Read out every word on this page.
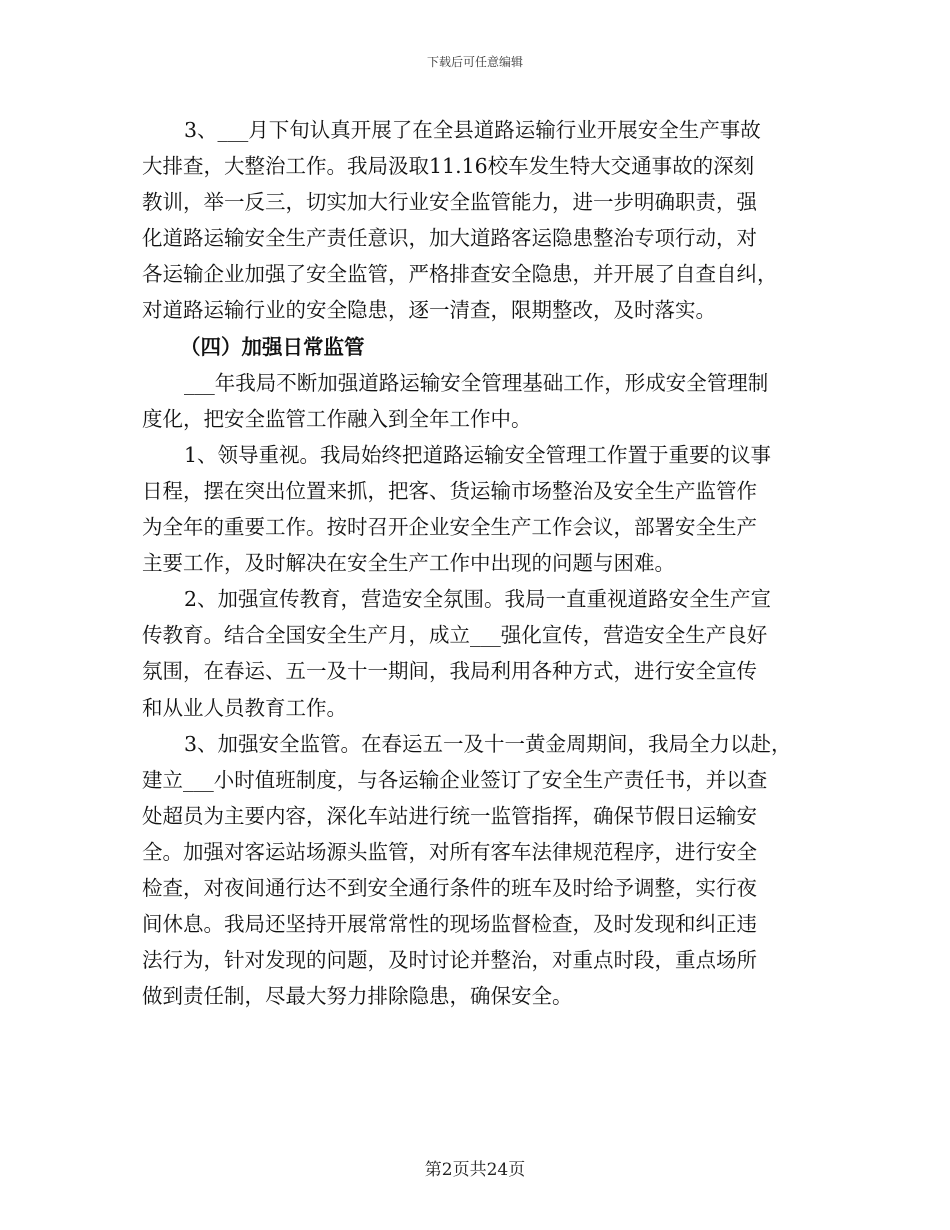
下载后可任意编辑
3、___月下旬认真开展了在全县道路运输行业开展安全生产事故
大排查，大整治工作。我局汲取11.16校车发生特大交通事故的深刻
教训，举一反三，切实加大行业安全监管能力，进一步明确职责，强
化道路运输安全生产责任意识，加大道路客运隐患整治专项行动，对
各运输企业加强了安全监管，严格排查安全隐患，并开展了自查自纠，
对道路运输行业的安全隐患，逐一清查，限期整改，及时落实。
（四）加强日常监管
___年我局不断加强道路运输安全管理基础工作，形成安全管理制
度化，把安全监管工作融入到全年工作中。
1、领导重视。我局始终把道路运输安全管理工作置于重要的议事
日程，摆在突出位置来抓，把客、货运输市场整治及安全生产监管作
为全年的重要工作。按时召开企业安全生产工作会议，部署安全生产
主要工作，及时解决在安全生产工作中出现的问题与困难。
2、加强宣传教育，营造安全氛围。我局一直重视道路安全生产宣
传教育。结合全国安全生产月，成立___强化宣传，营造安全生产良好
氛围，在春运、五一及十一期间，我局利用各种方式，进行安全宣传
和从业人员教育工作。
3、加强安全监管。在春运五一及十一黄金周期间，我局全力以赴，
建立___小时值班制度，与各运输企业签订了安全生产责任书，并以查
处超员为主要内容，深化车站进行统一监管指挥，确保节假日运输安
全。加强对客运站场源头监管，对所有客车法律规范程序，进行安全
检查，对夜间通行达不到安全通行条件的班车及时给予调整，实行夜
间休息。我局还坚持开展常常性的现场监督检查，及时发现和纠正违
法行为，针对发现的问题，及时讨论并整治，对重点时段，重点场所
做到责任制，尽最大努力排除隐患，确保安全。
第2页共24页
